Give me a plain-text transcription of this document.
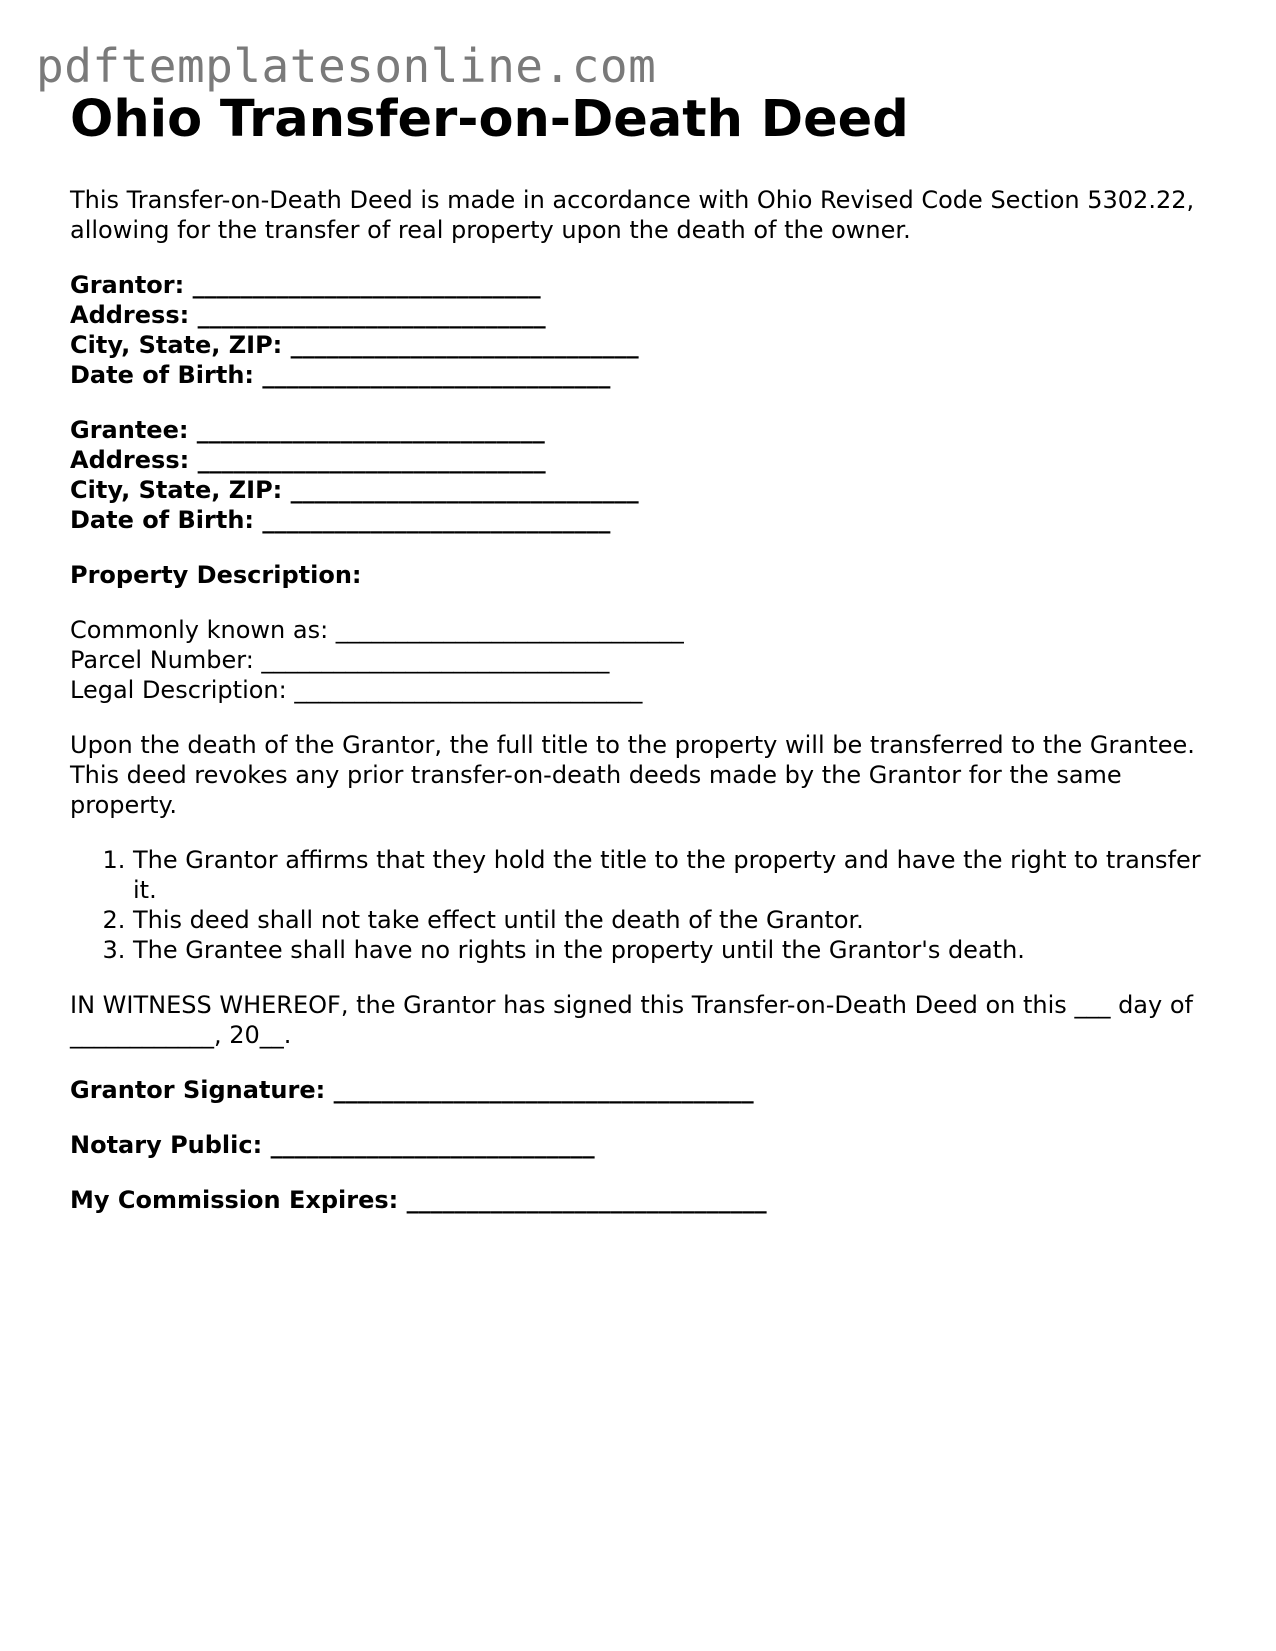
pdftemplatesonline.com
Ohio Transfer-on-Death Deed

This Transfer-on-Death Deed is made in accordance with Ohio Revised Code Section 5302.22, allowing for the transfer of real property upon the death of the owner.

Grantor: _____________________________
Address: _____________________________
City, State, ZIP: _____________________________
Date of Birth: _____________________________
Grantee: _____________________________
Address: _____________________________
City, State, ZIP: _____________________________
Date of Birth: _____________________________
Property Description:
Commonly known as: _____________________________
Parcel Number: _____________________________
Legal Description: _____________________________

Upon the death of the Grantor, the full title to the property will be transferred to the Grantee. This deed revokes any prior transfer-on-death deeds made by the Grantor for the same property.

1. The Grantor affirms that they hold the title to the property and have the right to transfer it.
2. This deed shall not take effect until the death of the Grantor.
3. The Grantee shall have no rights in the property until the Grantor's death.

IN WITNESS WHEREOF, the Grantor has signed this Transfer-on-Death Deed on this ___ day of ____________, 20__.

Grantor Signature: ___________________________________
Notary Public: ___________________________
My Commission Expires: ______________________________
